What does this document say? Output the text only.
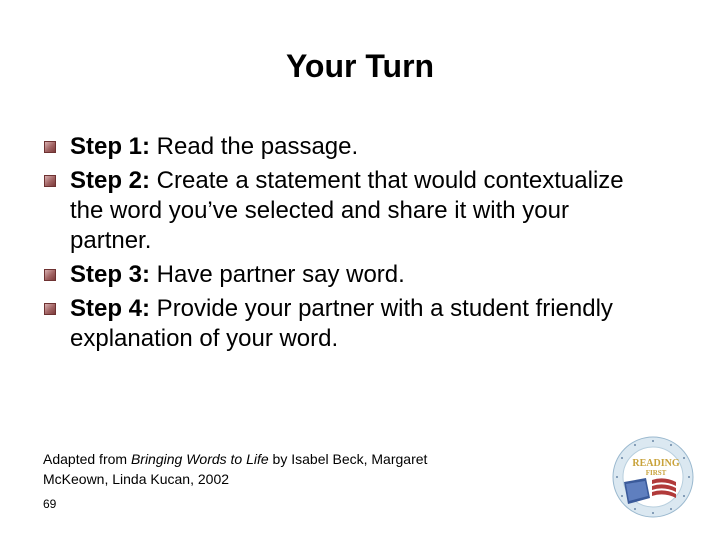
Your Turn
Step 1: Read the passage.
Step 2: Create a statement that would contextualize the word you’ve selected and share it with your partner.
Step 3: Have partner say word.
Step 4: Provide your partner with a student friendly explanation of your word.
Adapted from Bringing Words to Life by Isabel Beck, Margaret McKeown, Linda Kucan, 2002
69
READING
FIRST
